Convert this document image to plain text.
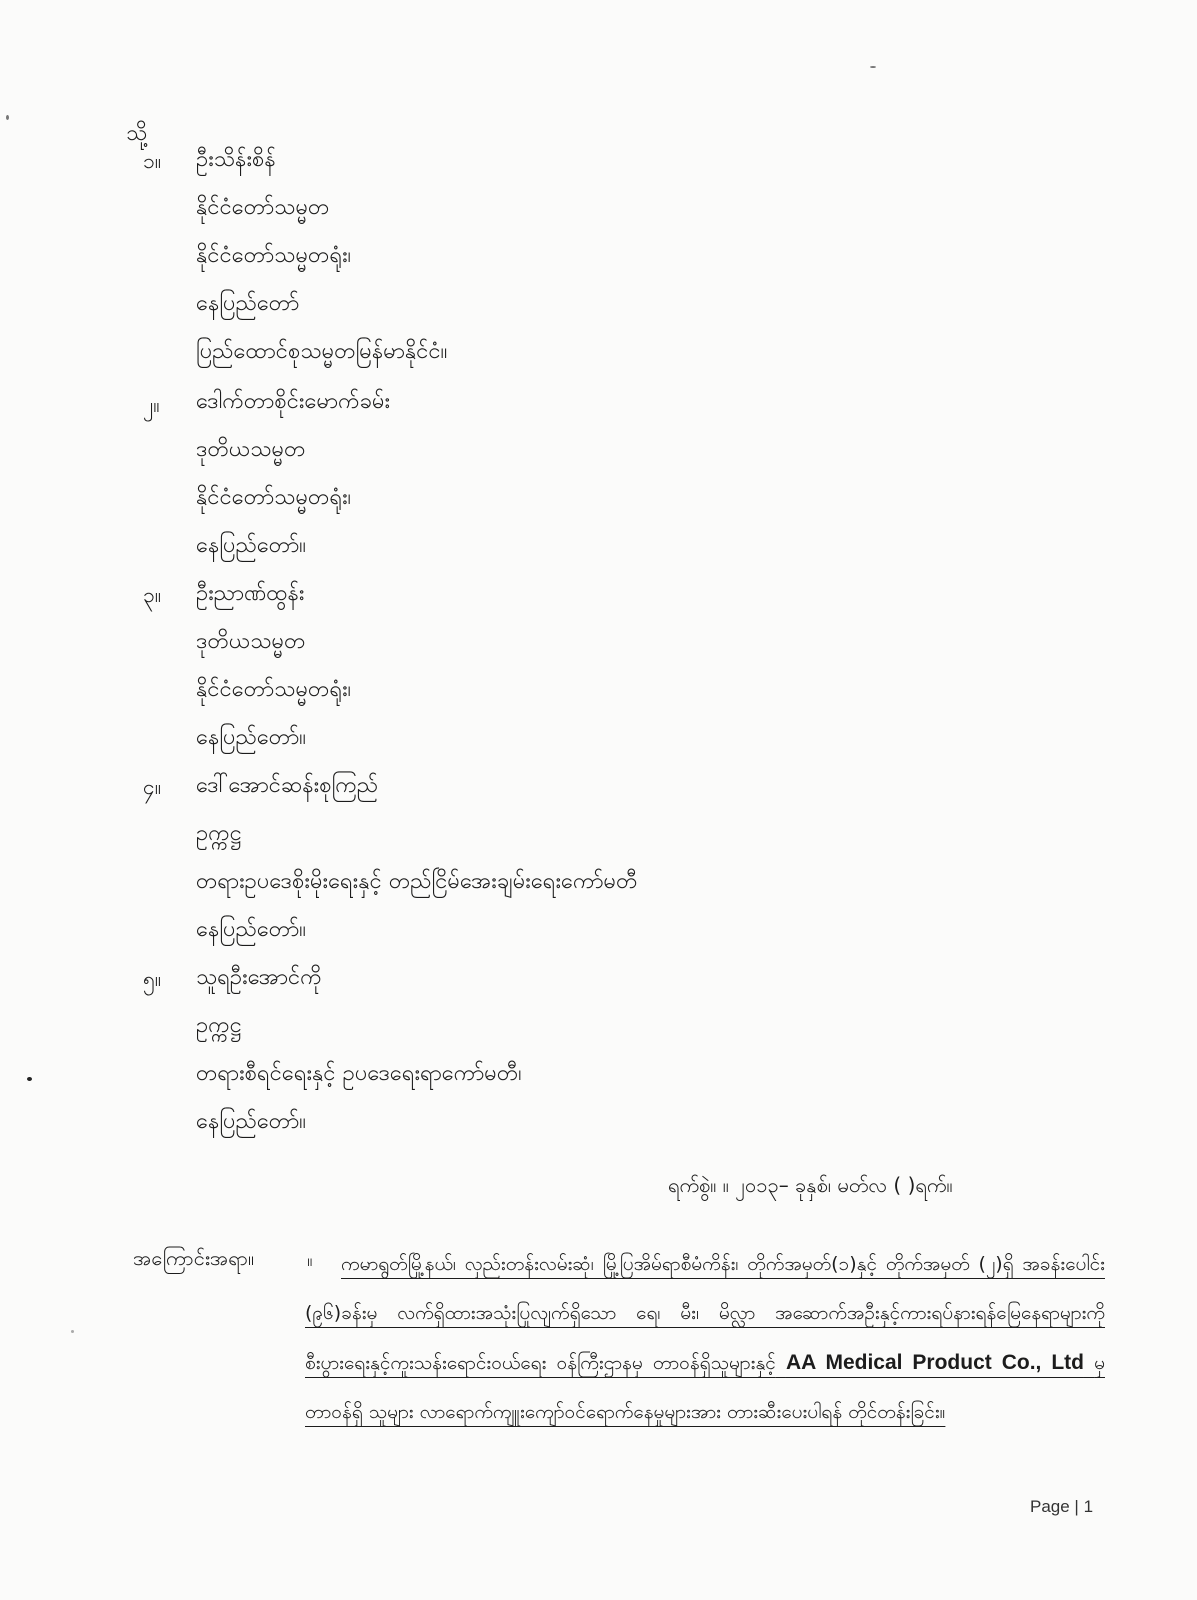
သို့
၁။ ဦးသိန်းစိန်
နိုင်ငံတော်သမ္မတ
နိုင်ငံတော်သမ္မတရုံး၊
နေပြည်တော်
ပြည်ထောင်စုသမ္မတမြန်မာနိုင်ငံ။
၂။ ဒေါက်တာစိုင်းမောက်ခမ်း
ဒုတိယသမ္မတ
နိုင်ငံတော်သမ္မတရုံး၊
နေပြည်တော်။
၃။ ဦးညာဏ်ထွန်း
ဒုတိယသမ္မတ
နိုင်ငံတော်သမ္မတရုံး၊
နေပြည်တော်။
၄။ ဒေါ်အောင်ဆန်းစုကြည်
ဥက္ကဋ္ဌ
တရားဥပဒေစိုးမိုးရေးနှင့် တည်ငြိမ်အေးချမ်းရေးကော်မတီ
နေပြည်တော်။
၅။ သူရဦးအောင်ကို
ဥက္ကဋ္ဌ
တရားစီရင်ရေးနှင့် ဥပဒေရေးရာကော်မတီ၊
နေပြည်တော်။
ရက်စွဲ။ ။ ၂၀၁၃– ခုနှစ်၊ မတ်လ ( )ရက်။
အကြောင်းအရာ။	။	ကမာရွတ်မြို့နယ်၊ လှည်းတန်းလမ်းဆုံ၊ မြို့ပြအိမ်ရာစီမံကိန်း၊ တိုက်အမှတ်(၁)နှင့် တိုက်အမှတ် (၂)ရှိ အခန်းပေါင်း (၉၆)ခန်းမှ လက်ရှိထားအသုံးပြုလျက်ရှိသော ရေ၊ မီး၊ မိလ္လာ အဆောက်အဦးနှင့်ကားရပ်နားရန်မြေနေရာများကို စီးပွားရေးနှင့်ကူးသန်းရောင်းဝယ်ရေး ဝန်ကြီးဌာနမှ တာဝန်ရှိသူများနှင့် AA Medical Product Co., Ltd မှ တာဝန်ရှိ သူများ လာရောက်ကျူးကျော်ဝင်ရောက်နေမှုများအား တားဆီးပေးပါရန် တိုင်တန်းခြင်း။
Page | 1
